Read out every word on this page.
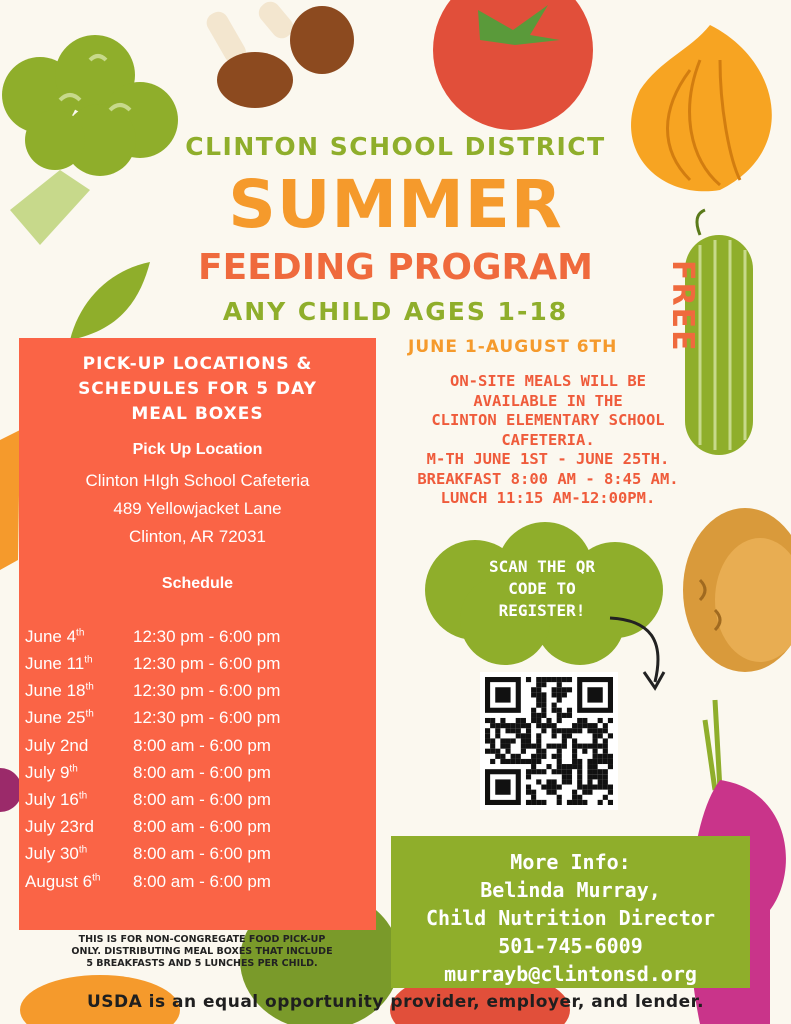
CLINTON SCHOOL DISTRICT
SUMMER
FEEDING PROGRAM
ANY CHILD AGES 1-18
JUNE 1-AUGUST 6TH FREE
ON-SITE MEALS WILL BE
AVAILABLE IN THE
CLINTON ELEMENTARY SCHOOL
CAFETERIA.
M-TH JUNE 1ST - JUNE 25TH.
BREAKFAST 8:00 AM - 8:45 AM.
LUNCH 11:15 AM-12:00PM.
PICK-UP LOCATIONS &
SCHEDULES FOR 5 DAY
MEAL BOXES
Pick Up Location
Clinton HIgh School Cafeteria
489 Yellowjacket Lane
Clinton, AR 72031
Schedule
June 4th	12:30 pm - 6:00 pm
June 11th 12:30 pm - 6:00 pm
June 18th 12:30 pm - 6:00 pm
June 25th 12:30 pm - 6:00 pm
July 2nd	8:00 am - 6:00 pm
July 9th	8:00 am - 6:00 pm
July 16th	8:00 am - 6:00 pm
July 23rd 8:00 am - 6:00 pm
July 30th	8:00 am - 6:00 pm
August 6th 8:00 am - 6:00 pm
THIS IS FOR NON-CONGREGATE FOOD PICK-UP
ONLY. DISTRIBUTING MEAL BOXES THAT INCLUDE
5 BREAKFASTS AND 5 LUNCHES PER CHILD.
SCAN THE QR
CODE TO
REGISTER!
More Info:
Belinda Murray,
Child Nutrition Director
501-745-6009
murrayb@clintonsd.org
USDA is an equal opportunity provider, employer, and lender.
